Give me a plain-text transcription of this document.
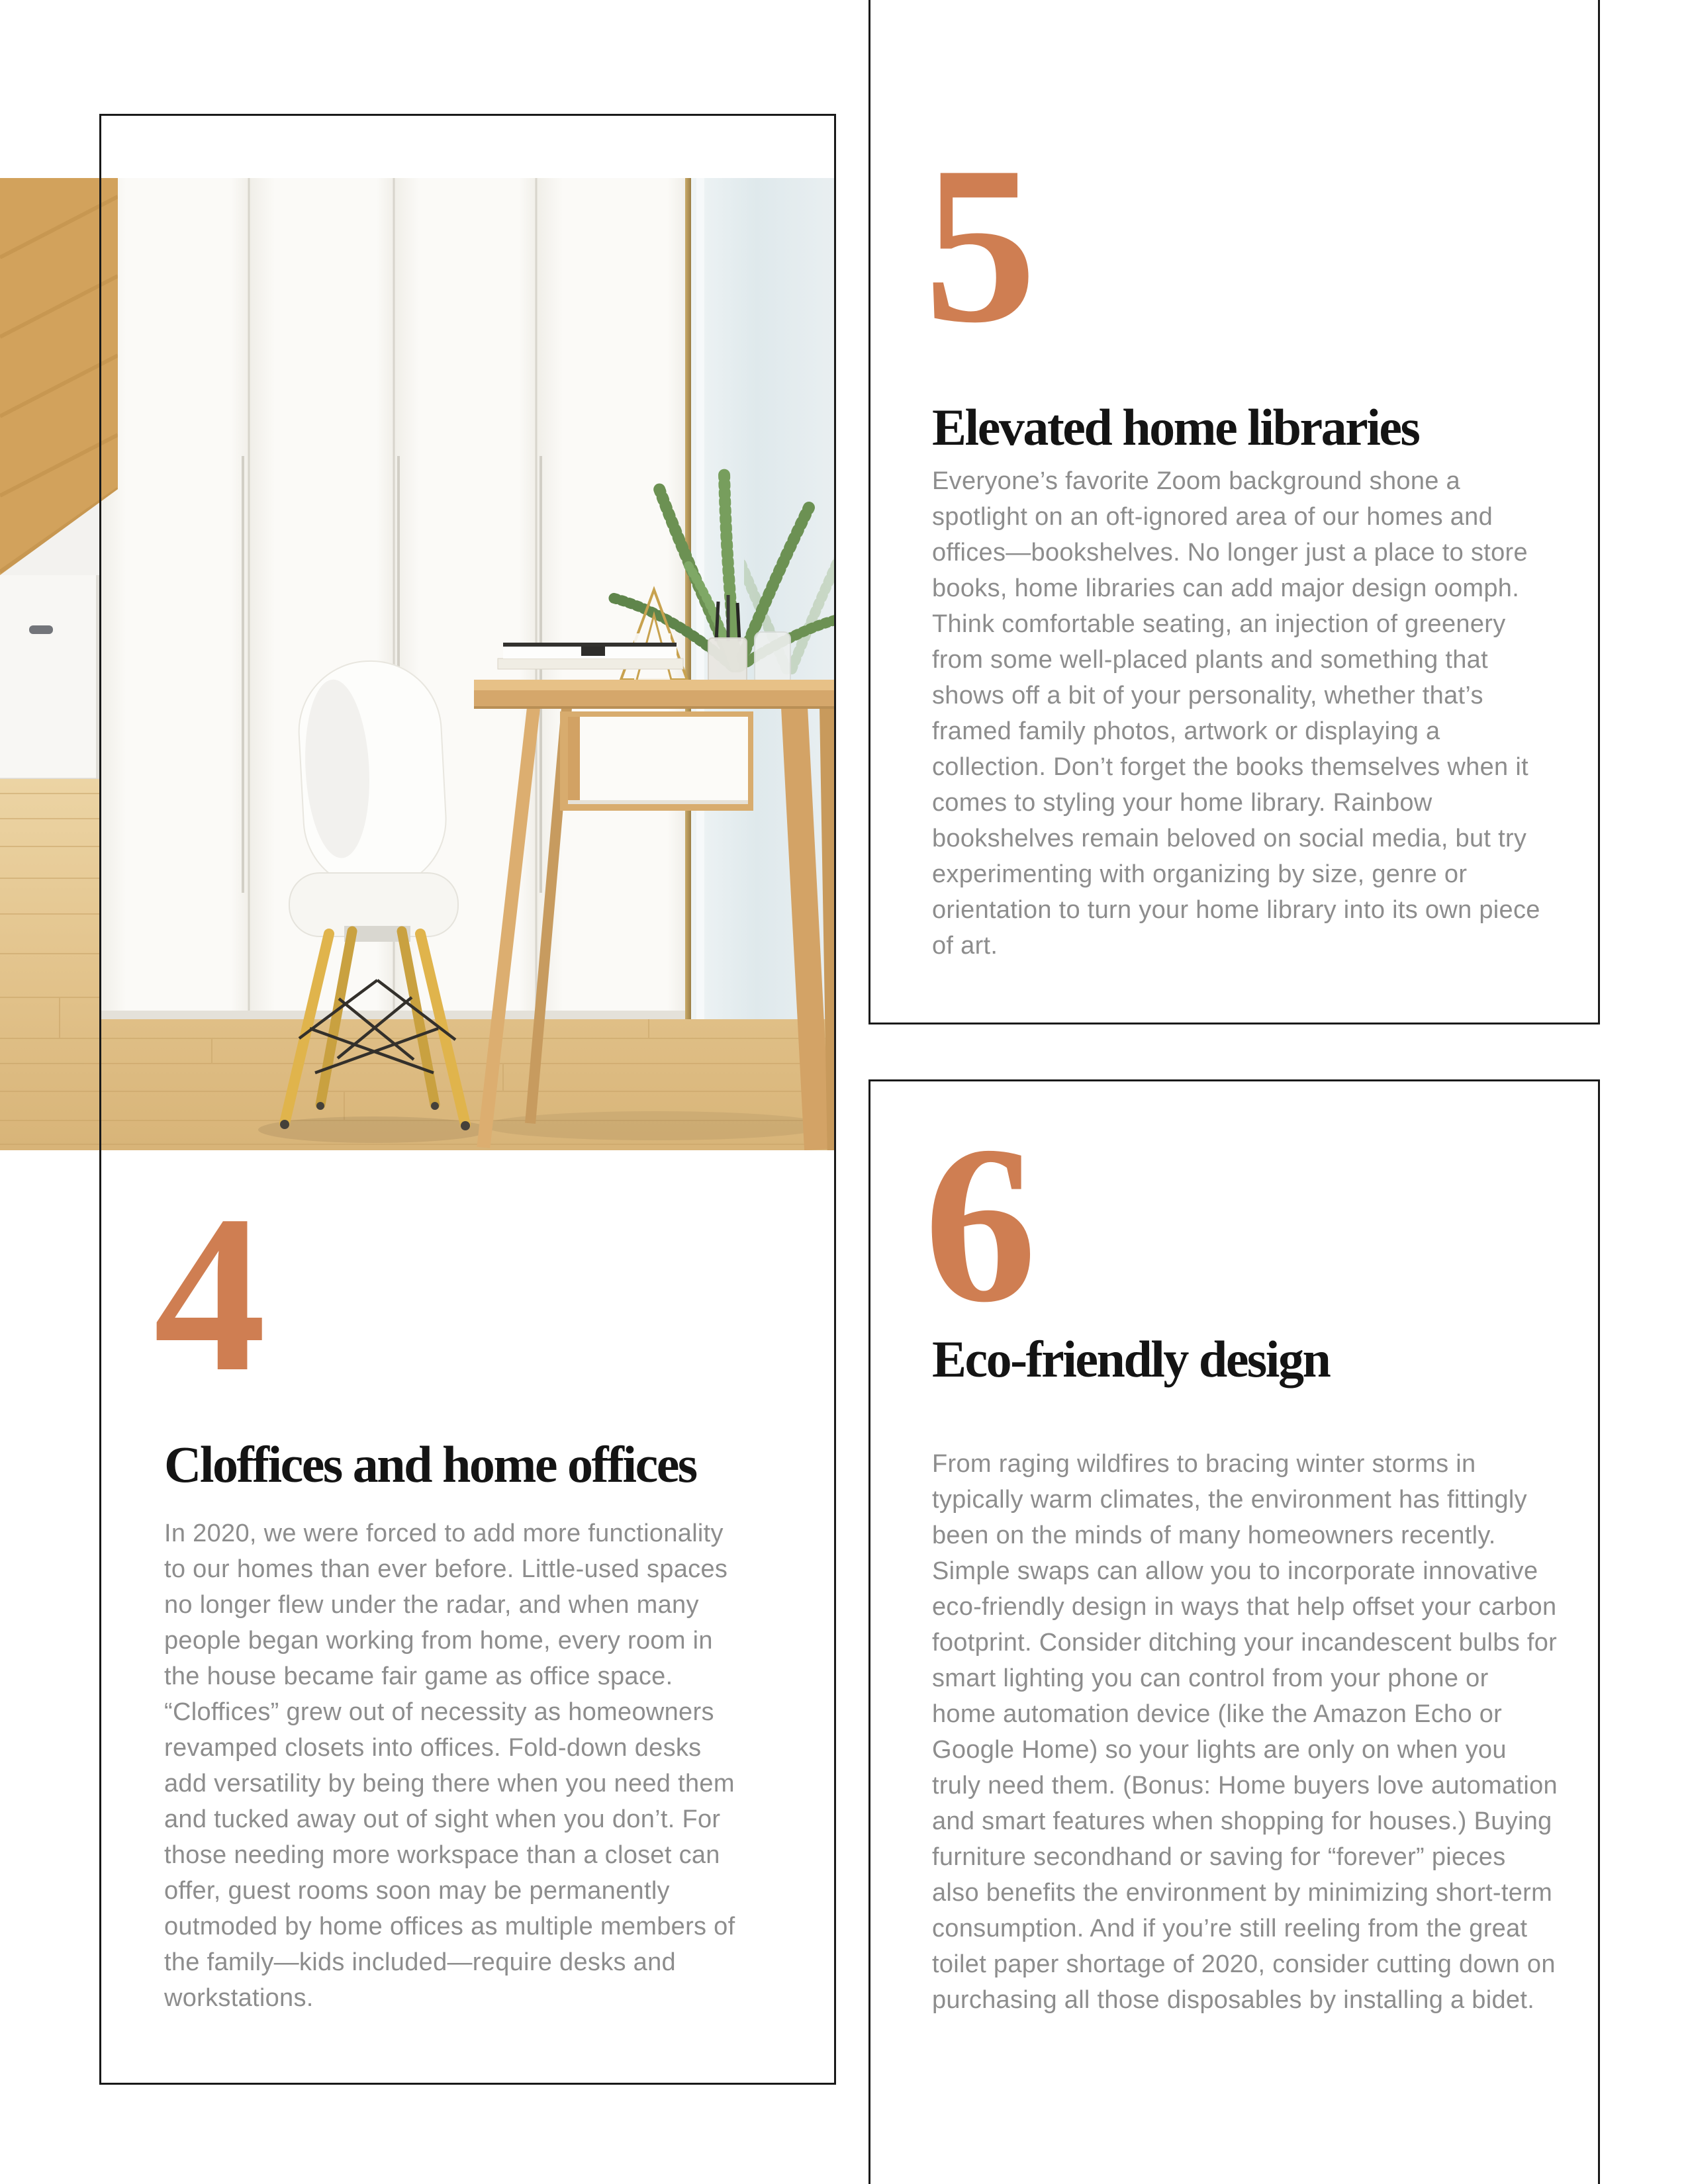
4
Cloffices and home offices

In 2020, we were forced to add more functionality to our homes than ever before. Little-used spaces no longer flew under the radar, and when many people began working from home, every room in the house became fair game as office space. “Cloffices” grew out of necessity as homeowners revamped closets into offices. Fold-down desks add versatility by being there when you need them and tucked away out of sight when you don’t. For those needing more workspace than a closet can offer, guest rooms soon may be permanently outmoded by home offices as multiple members of the family—kids included—require desks and workstations.

5
Elevated home libraries

Everyone’s favorite Zoom background shone a spotlight on an oft-ignored area of our homes and offices—bookshelves. No longer just a place to store books, home libraries can add major design oomph. Think comfortable seating, an injection of greenery from some well-placed plants and something that shows off a bit of your personality, whether that’s framed family photos, artwork or displaying a collection. Don’t forget the books themselves when it comes to styling your home library. Rainbow bookshelves remain beloved on social media, but try experimenting with organizing by size, genre or orientation to turn your home library into its own piece of art.

6
Eco-friendly design

From raging wildfires to bracing winter storms in typically warm climates, the environment has fittingly been on the minds of many homeowners recently. Simple swaps can allow you to incorporate innovative eco-friendly design in ways that help offset your carbon footprint. Consider ditching your incandescent bulbs for smart lighting you can control from your phone or home automation device (like the Amazon Echo or Google Home) so your lights are only on when you truly need them. (Bonus: Home buyers love automation and smart features when shopping for houses.) Buying furniture secondhand or saving for “forever” pieces also benefits the environment by minimizing short-term consumption. And if you’re still reeling from the great toilet paper shortage of 2020, consider cutting down on purchasing all those disposables by installing a bidet.
